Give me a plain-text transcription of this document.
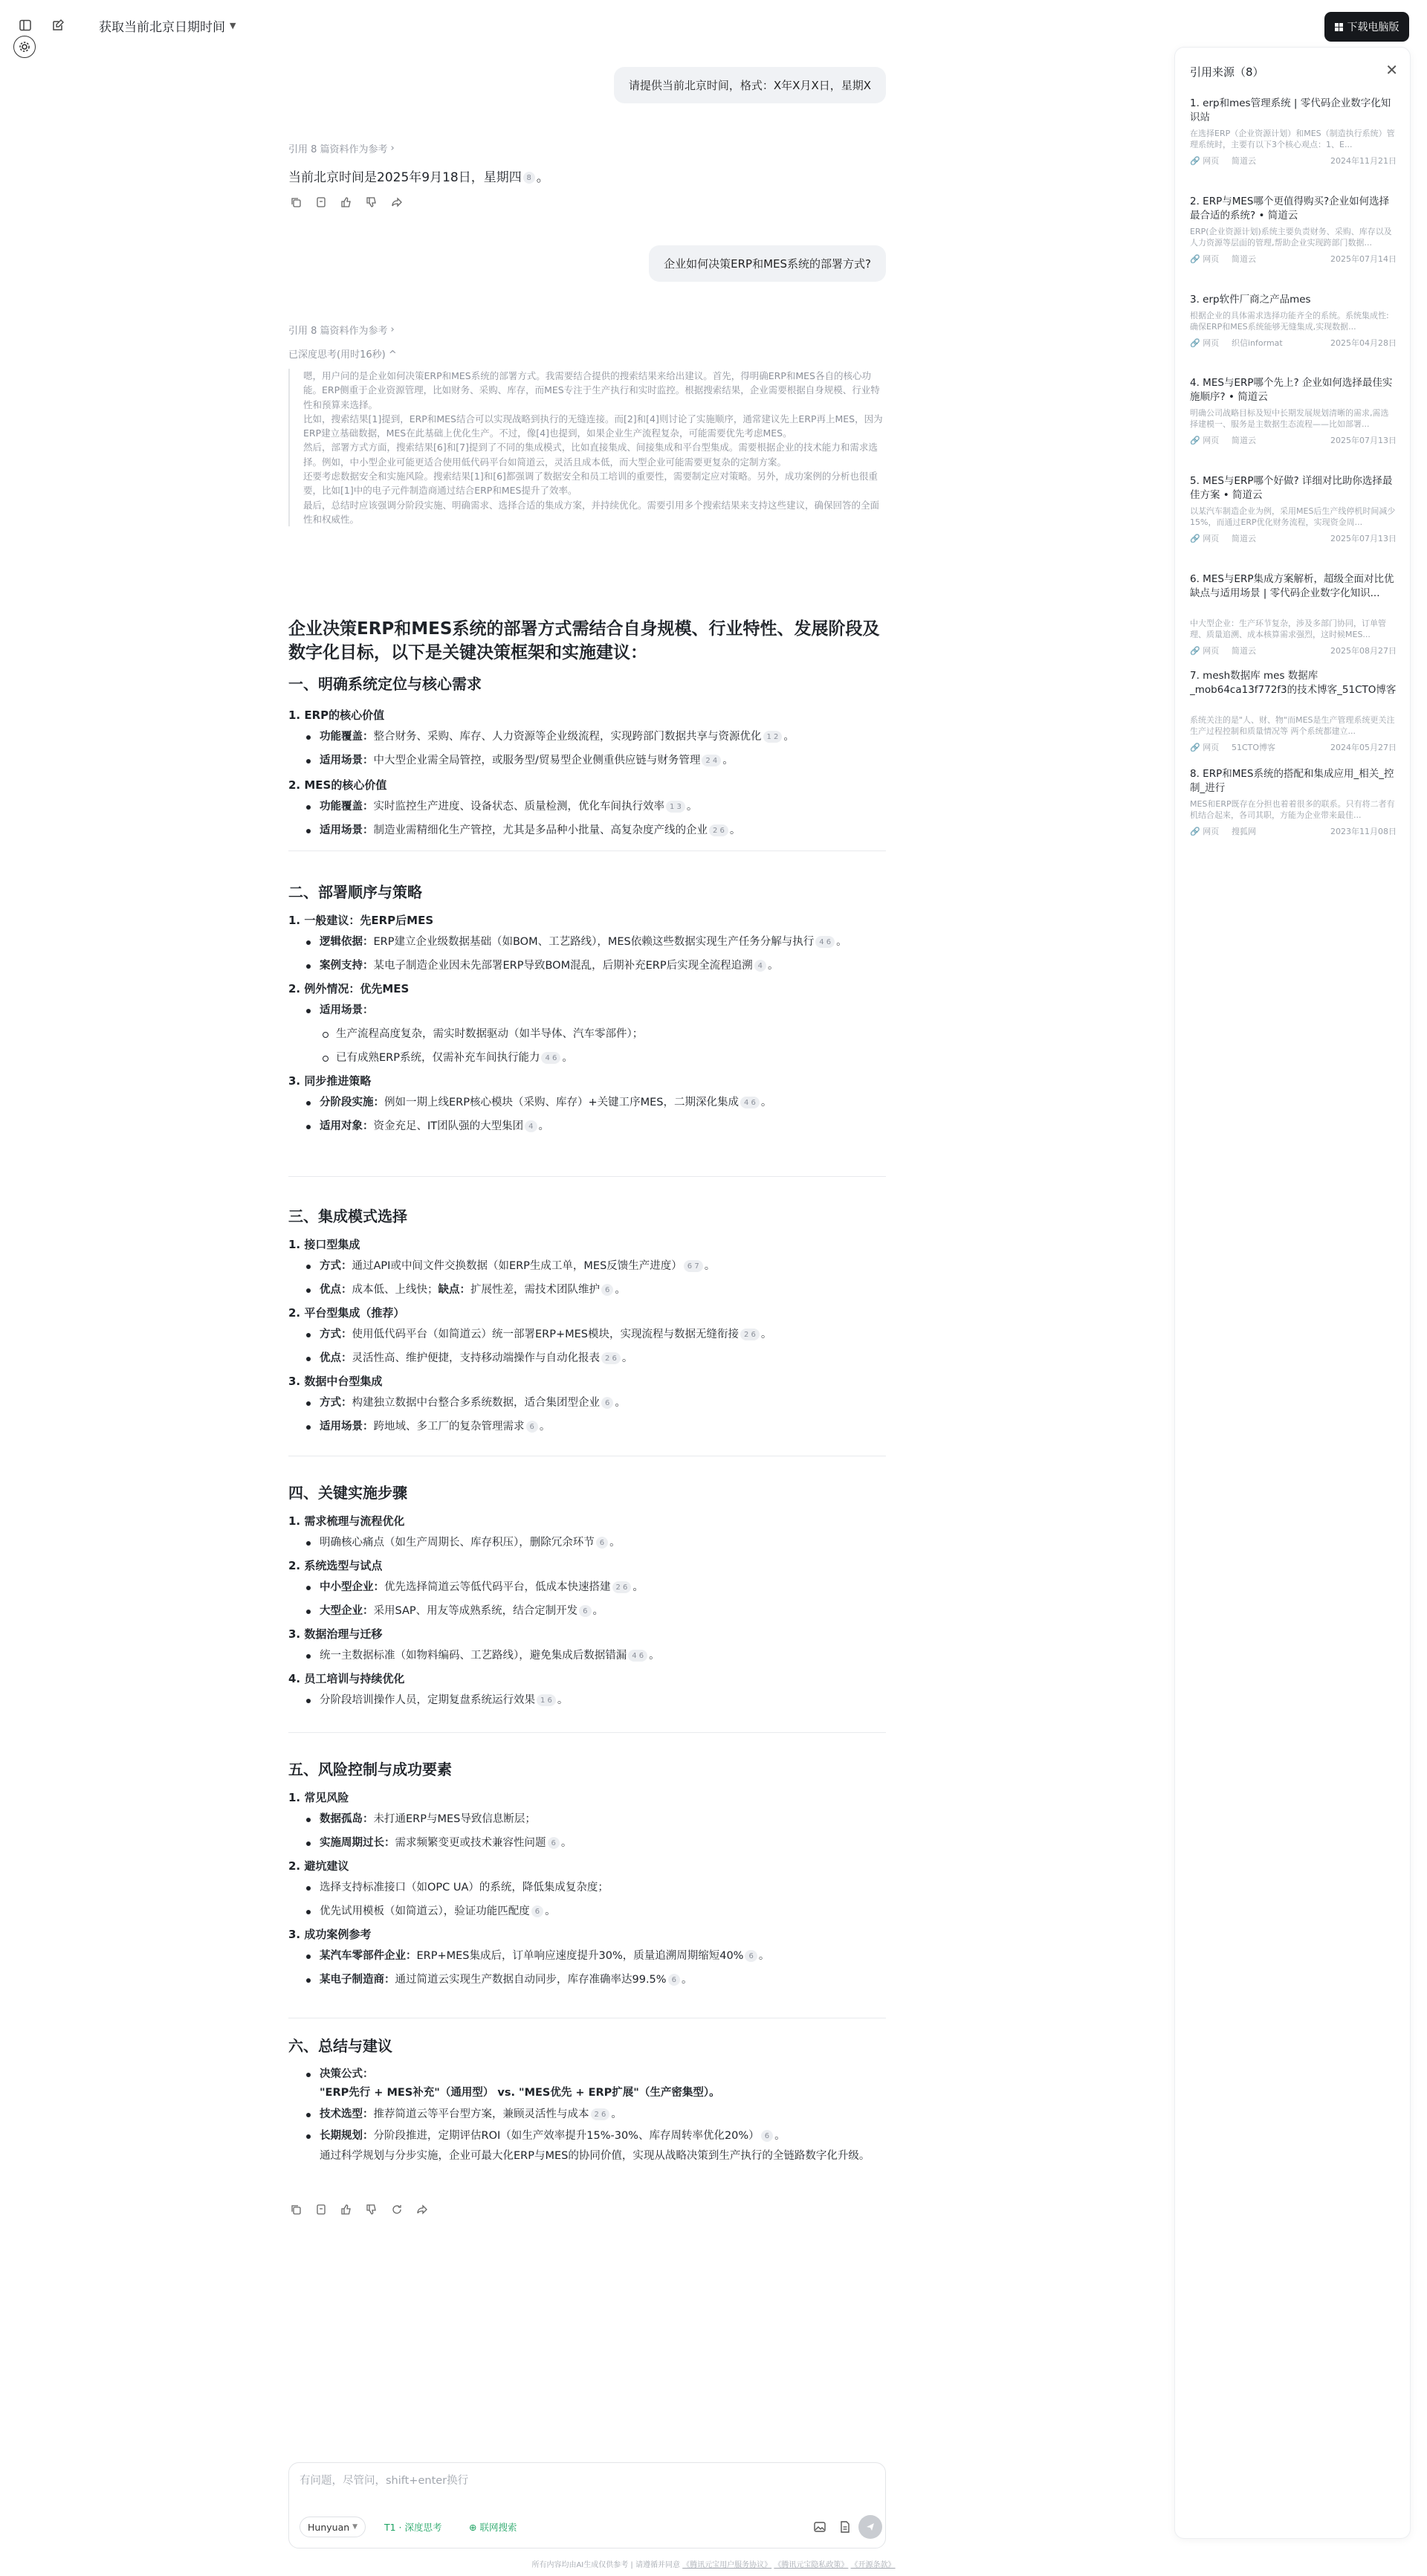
获取当前北京日期时间 ▼	下载电脑版
请提供当前北京时间，格式：X年X月X日，星期X
引用 8 篇资料作为参考 ›
当前北京时间是2025年9月18日，星期四 8 。
企业如何决策ERP和MES系统的部署方式?
引用 8 篇资料作为参考 ›
已深度思考(用时16秒) ^

嗯，用户问的是企业如何决策ERP和MES系统的部署方式。我需要结合提供的搜索结果来给出建议。首先，得明确ERP和MES各自的核心功能。ERP侧重于企业资源管理，比如财务、采购、库存，而MES专注于生产执行和实时监控。根据搜索结果，企业需要根据自身规模、行业特性和预算来选择。

比如，搜索结果[1]提到，ERP和MES结合可以实现战略到执行的无缝连接。而[2]和[4]则讨论了实施顺序，通常建议先上ERP再上MES，因为ERP建立基础数据，MES在此基础上优化生产。不过，像[4]也提到，如果企业生产流程复杂，可能需要优先考虑MES。

然后，部署方式方面，搜索结果[6]和[7]提到了不同的集成模式，比如直接集成、间接集成和平台型集成。需要根据企业的技术能力和需求选择。例如，中小型企业可能更适合使用低代码平台如简道云，灵活且成本低，而大型企业可能需要更复杂的定制方案。

还要考虑数据安全和实施风险。搜索结果[1]和[6]都强调了数据安全和员工培训的重要性，需要制定应对策略。另外，成功案例的分析也很重要，比如[1]中的电子元件制造商通过结合ERP和MES提升了效率。

最后，总结时应该强调分阶段实施、明确需求、选择合适的集成方案，并持续优化。需要引用多个搜索结果来支持这些建议，确保回答的全面性和权威性。

企业决策ERP和MES系统的部署方式需结合自身规模、行业特性、发展阶段及数字化目标，以下是关键决策框架和实施建议：
一、明确系统定位与核心需求
1. ERP的核心价值
功能覆盖：整合财务、采购、库存、人力资源等企业级流程，实现跨部门数据共享与资源优化 1 2 。
适用场景：中大型企业需全局管控，或服务型/贸易型企业侧重供应链与财务管理 2 4 。
2. MES的核心价值
功能覆盖：实时监控生产进度、设备状态、质量检测，优化车间执行效率 1 3 。
适用场景：制造业需精细化生产管控，尤其是多品种小批量、高复杂度产线的企业 2 6 。
二、部署顺序与策略
1. 一般建议：先ERP后MES
逻辑依据：ERP建立企业级数据基础（如BOM、工艺路线），MES依赖这些数据实现生产任务分解与执行 4 6 。
案例支持：某电子制造企业因未先部署ERP导致BOM混乱，后期补充ERP后实现全流程追溯 4 。
2. 例外情况：优先MES
适用场景：
生产流程高度复杂，需实时数据驱动（如半导体、汽车零部件）；
已有成熟ERP系统，仅需补充车间执行能力 4 6 。
3. 同步推进策略
分阶段实施：例如一期上线ERP核心模块（采购、库存）+关键工序MES，二期深化集成 4 6 。
适用对象：资金充足、IT团队强的大型集团 4 。
三、集成模式选择
1. 接口型集成
方式：通过API或中间文件交换数据（如ERP生成工单，MES反馈生产进度） 6 7 。
优点：成本低、上线快；缺点：扩展性差，需技术团队维护 6 。
2. 平台型集成（推荐）
方式：使用低代码平台（如简道云）统一部署ERP+MES模块，实现流程与数据无缝衔接 2 6 。
优点：灵活性高、维护便捷，支持移动端操作与自动化报表 2 6 。
3. 数据中台型集成
方式：构建独立数据中台整合多系统数据，适合集团型企业 6 。
适用场景：跨地域、多工厂的复杂管理需求 6 。
四、关键实施步骤
1. 需求梳理与流程优化
明确核心痛点（如生产周期长、库存积压），删除冗余环节 6 。
2. 系统选型与试点
中小型企业：优先选择简道云等低代码平台，低成本快速搭建 2 6 。
大型企业：采用SAP、用友等成熟系统，结合定制开发 6 。
3. 数据治理与迁移
统一主数据标准（如物料编码、工艺路线），避免集成后数据错漏 4 6 。
4. 员工培训与持续优化
分阶段培训操作人员，定期复盘系统运行效果 1 6 。
五、风险控制与成功要素
1. 常见风险
数据孤岛：未打通ERP与MES导致信息断层；
实施周期过长：需求频繁变更或技术兼容性问题 6 。
2. 避坑建议
选择支持标准接口（如OPC UA）的系统，降低集成复杂度；
优先试用模板（如简道云），验证功能匹配度 6 。
3. 成功案例参考
某汽车零部件企业：ERP+MES集成后，订单响应速度提升30%，质量追溯周期缩短40% 6 。
某电子制造商：通过简道云实现生产数据自动同步，库存准确率达99.5% 6 。
六、总结与建议
决策公式：
"ERP先行 + MES补充"（通用型） vs. "MES优先 + ERP扩展"（生产密集型）。
技术选型：推荐简道云等平台型方案，兼顾灵活性与成本 2 6 。
长期规划：分阶段推进，定期评估ROI（如生产效率提升15%-30%、库存周转率优化20%） 6 。
通过科学规划与分步实施，企业可最大化ERP与MES的协同价值，实现从战略决策到生产执行的全链路数字化升级。
引用来源（8）	✕
1. erp和mes管理系统 | 零代码企业数字化知识站
在选择ERP（企业资源计划）和MES（制造执行系统）管理系统时，主要有以下3个核心观点：1、E...
🔗 网页	简道云	2024年11月21日
2. ERP与MES哪个更值得购买?企业如何选择最合适的系统? • 简道云
ERP(企业资源计划)系统主要负责财务、采购、库存以及人力资源等层面的管理,帮助企业实现跨部门数据...
🔗 网页	简道云	2025年07月14日
3. erp软件厂商之产品mes
根据企业的具体需求选择功能齐全的系统。系统集成性:确保ERP和MES系统能够无缝集成,实现数据...
🔗 网页	织信informat	2025年04月28日
4. MES与ERP哪个先上? 企业如何选择最佳实施顺序? • 简道云
明确公司战略目标及短中长期发展规划清晰的需求,需选择建模一、服务是主数据生态流程——比如部署...
🔗 网页	简道云	2025年07月13日
5. MES与ERP哪个好做? 详细对比助你选择最佳方案 • 简道云
以某汽车制造企业为例，采用MES后生产线停机时间减少15%，而通过ERP优化财务流程，实现资金周...
🔗 网页	简道云	2025年07月13日
6. MES与ERP集成方案解析，超级全面对比优缺点与适用场景 | 零代码企业数字化知识...
中大型企业：生产环节复杂，涉及多部门协同，订单管理、质量追溯、成本核算需求强烈，这时候MES...
🔗 网页	简道云	2025年08月27日
7. mesh数据库 mes 数据库_mob64ca13f772f3的技术博客_51CTO博客
系统关注的是"人、财、物"而MES是生产管理系统更关注生产过程控制和质量情况等 两个系统都建立...
🔗 网页	51CTO博客	2024年05月27日
8. ERP和MES系统的搭配和集成应用_相关_控制_进行
MES和ERP既存在分担也着着很多的联系。只有将二者有机结合起来，各司其职，方能为企业带来最佳...
🔗 网页	搜狐网	2023年11月08日
有问题，尽管问，shift+enter换行
Hunyuan ▼	T1 · 深度思考	⊕ 联网搜索
所有内容均由AI生成仅供参考 | 请遵循并同意 《腾讯元宝用户服务协议》 《腾讯元宝隐私政策》 《开源条款》
